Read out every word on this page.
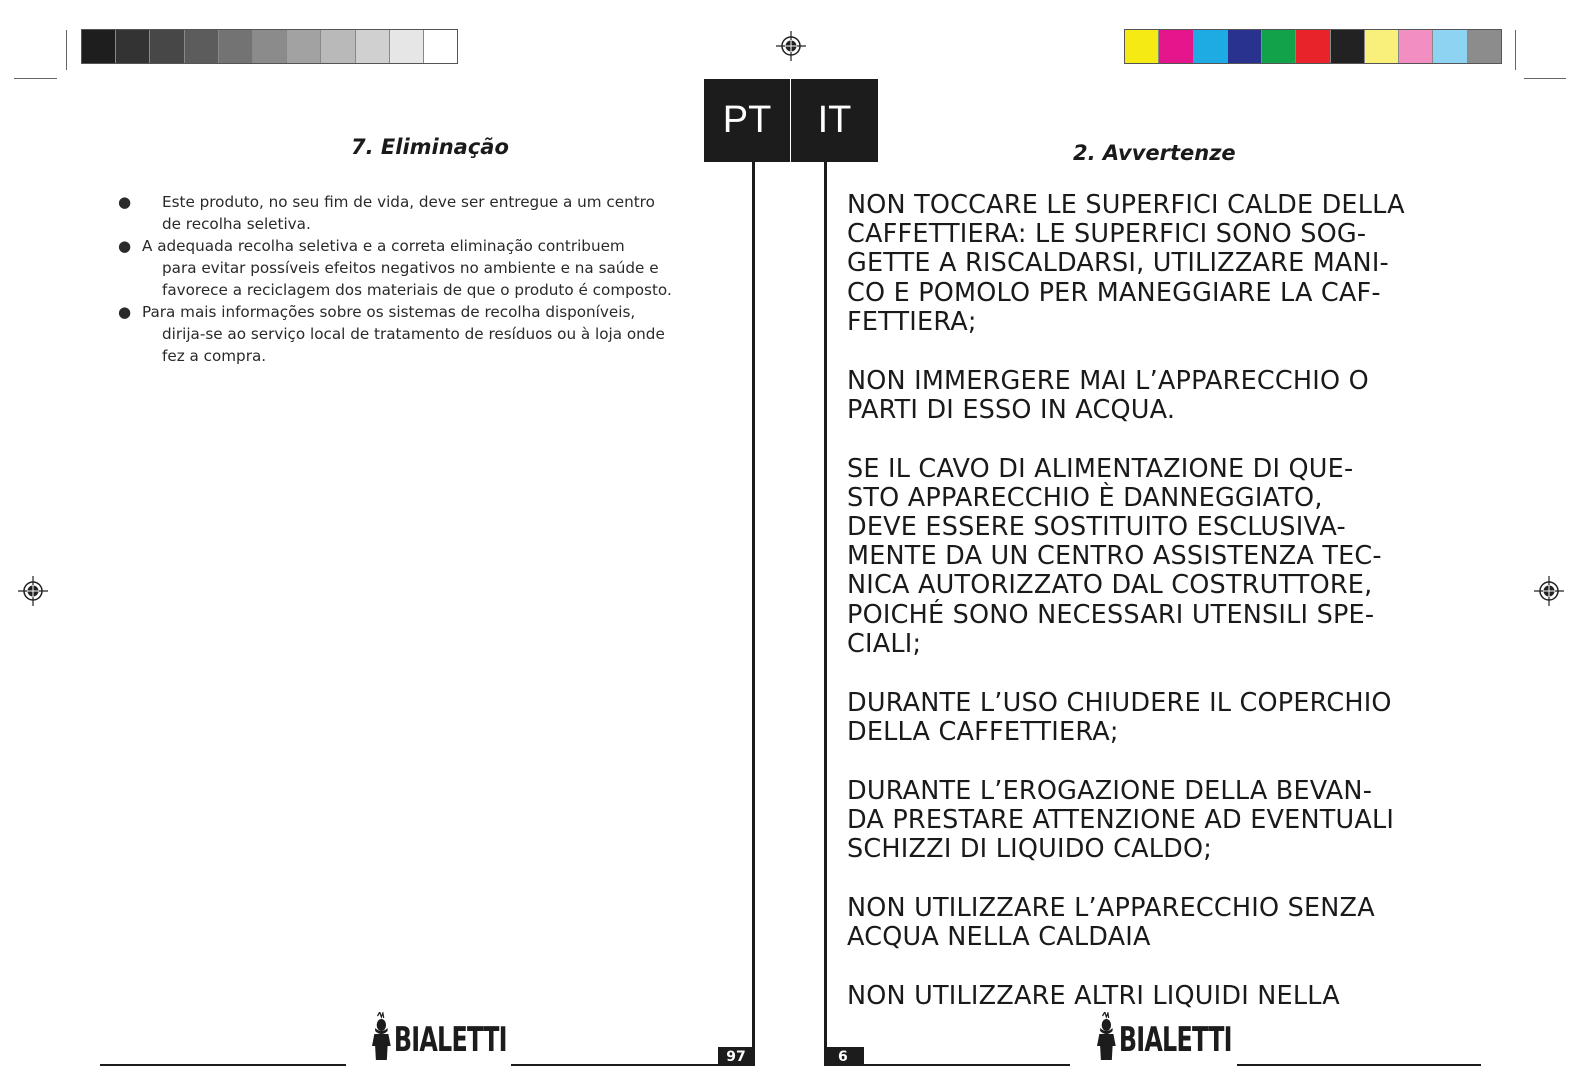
PT	IT
7. Eliminação
● Este produto, no seu fim de vida, deve ser entregue a um centro
de recolha seletiva.
● A adequada recolha seletiva e a correta eliminação contribuem
para evitar possíveis efeitos negativos no ambiente e na saúde e
favorece a reciclagem dos materiais de que o produto é composto.
● Para mais informações sobre os sistemas de recolha disponíveis,
dirija-se ao serviço local de tratamento de resíduos ou à loja onde
fez a compra.
2. Avvertenze

NON TOCCARE LE SUPERFICI CALDE DELLA
CAFFETTIERA: LE SUPERFICI SONO SOG-
GETTE A RISCALDARSI, UTILIZZARE MANI-
CO E POMOLO PER MANEGGIARE LA CAF-
FETTIERA;

NON IMMERGERE MAI L’APPARECCHIO O
PARTI DI ESSO IN ACQUA.

SE IL CAVO DI ALIMENTAZIONE DI QUE-
STO APPARECCHIO È DANNEGGIATO,
DEVE ESSERE SOSTITUITO ESCLUSIVA-
MENTE DA UN CENTRO ASSISTENZA TEC-
NICA AUTORIZZATO DAL COSTRUTTORE,
POICHÉ SONO NECESSARI UTENSILI SPE-
CIALI;

DURANTE L’USO CHIUDERE IL COPERCHIO
DELLA CAFFETTIERA;

DURANTE L’EROGAZIONE DELLA BEVAN-
DA PRESTARE ATTENZIONE AD EVENTUALI
SCHIZZI DI LIQUIDO CALDO;

NON UTILIZZARE L’APPARECCHIO SENZA
ACQUA NELLA CALDAIA

NON UTILIZZARE ALTRI LIQUIDI NELLA

97	6
BIALETTI	BIALETTI
